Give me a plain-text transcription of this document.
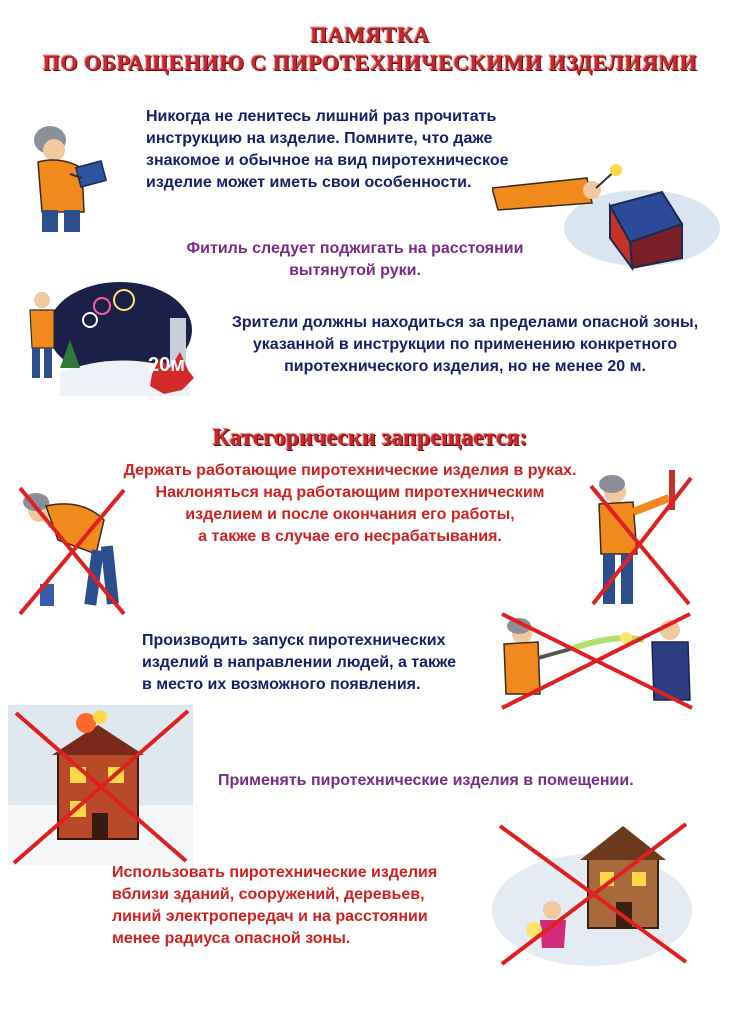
ПАМЯТКА
ПО ОБРАЩЕНИЮ С ПИРОТЕХНИЧЕСКИМИ ИЗДЕЛИЯМИ
Никогда не ленитесь лишний раз прочитать
инструкцию на изделие. Помните, что даже
знакомое и обычное на вид пиротехническое
изделие может иметь свои особенности.
Фитиль следует поджигать на расстоянии
вытянутой руки.
20м
Зрители должны находиться за пределами опасной зоны,
указанной в инструкции по применению конкретного
пиротехнического изделия, но не менее 20 м.
Категорически запрещается:
Держать работающие пиротехнические изделия в руках.
Наклоняться над работающим пиротехническим
изделием и после окончания его работы,
а также в случае его несрабатывания.
Производить запуск пиротехнических
изделий в направлении людей, а также
в место их возможного появления.
Применять пиротехнические изделия в помещении.
Использовать пиротехнические изделия
вблизи зданий, сооружений, деревьев,
линий электропередач и на расстоянии
менее радиуса опасной зоны.
